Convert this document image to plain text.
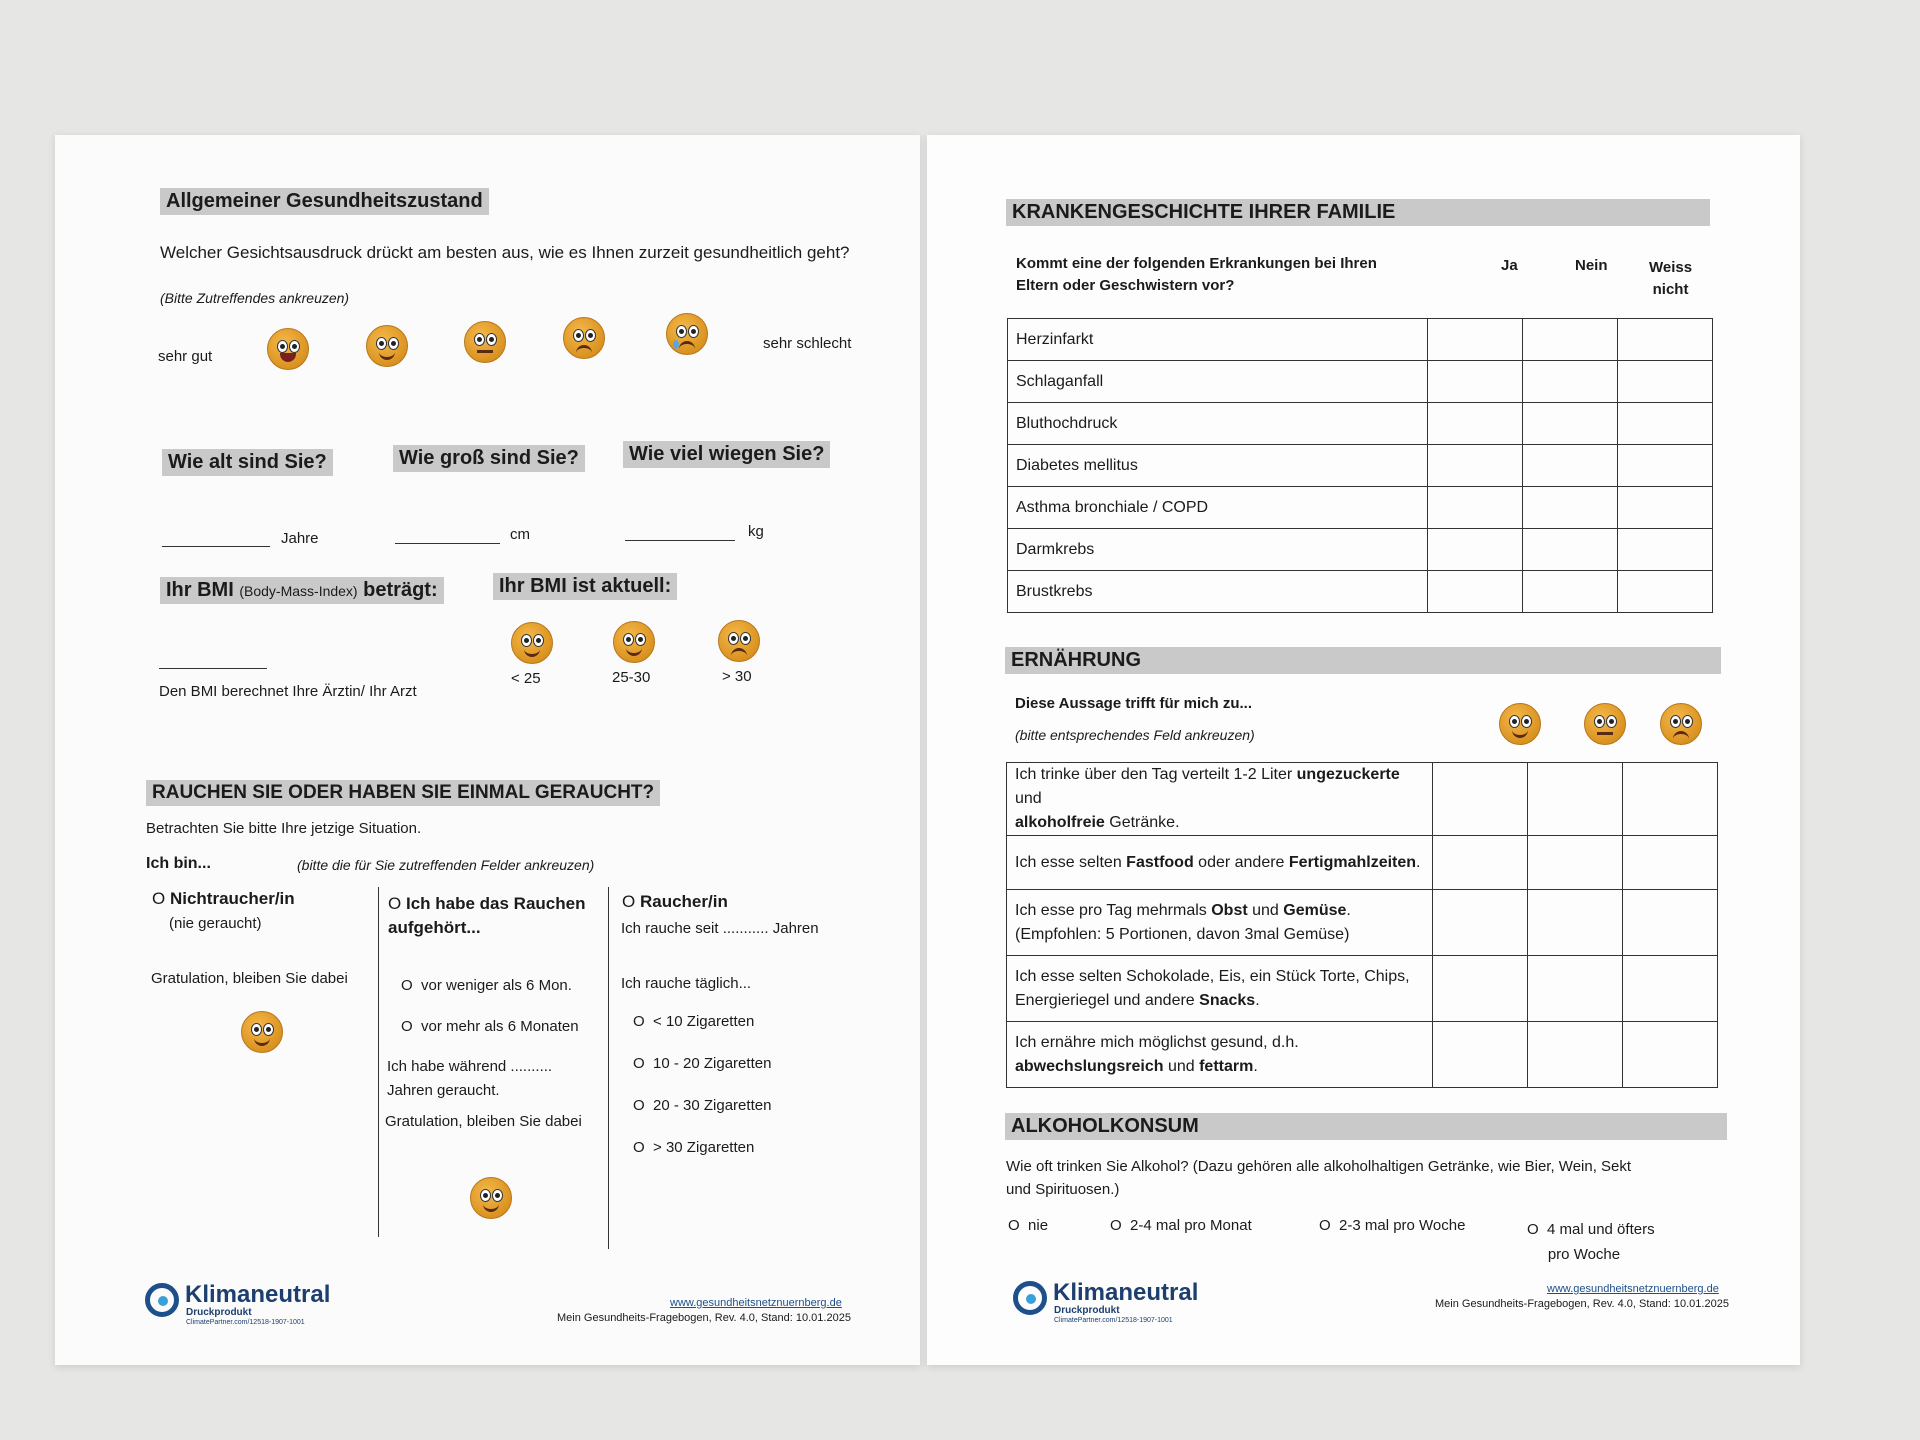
Allgemeiner Gesundheitszustand
Welcher Gesichtsausdruck drückt am besten aus, wie es Ihnen zurzeit gesundheitlich geht?
(Bitte Zutreffendes ankreuzen)
sehr gut
sehr schlecht
Wie alt sind Sie?	Wie groß sind Sie?	Wie viel wiegen Sie?
Jahre	cm	kg
Ihr BMI (Body-Mass-Index) beträgt:
Den BMI berechnet Ihre Ärztin/ Ihr Arzt
Ihr BMI ist aktuell:
< 25	25-30	> 30
RAUCHEN SIE ODER HABEN SIE EINMAL GERAUCHT?
Betrachten Sie bitte Ihre jetzige Situation.
Ich bin...	(bitte die für Sie zutreffenden Felder ankreuzen)
O Nichtraucher/in
(nie geraucht)
Gratulation, bleiben Sie dabei
O Ich habe das Rauchen
aufgehört...
O vor weniger als 6 Mon.
O vor mehr als 6 Monaten
Ich habe während ..........
Jahren geraucht.
Gratulation, bleiben Sie dabei
O Raucher/in
Ich rauche seit ........... Jahren
Ich rauche täglich...
O < 10 Zigaretten
O 10 - 20 Zigaretten
O 20 - 30 Zigaretten
O > 30 Zigaretten
Klimaneutral
Druckprodukt
ClimatePartner.com/12518-1907-1001
www.gesundheitsnetznuernberg.de
Mein Gesundheits-Fragebogen, Rev. 4.0, Stand: 10.01.2025
KRANKENGESCHICHTE IHRER FAMILIE
Kommt eine der folgenden Erkrankungen bei Ihren
Eltern oder Geschwistern vor?
Ja	Nein	Weiss
nicht
Herzinfarkt			
Schlaganfall			
Bluthochdruck			
Diabetes mellitus			
Asthma bronchiale / COPD			
Darmkrebs			
Brustkrebs			
ERNÄHRUNG
Diese Aussage trifft für mich zu...
(bitte entsprechendes Feld ankreuzen)
Ich trinke über den Tag verteilt 1-2 Liter ungezuckerte und
alkoholfreie Getränke.			
Ich esse selten Fastfood oder andere Fertigmahlzeiten.			
Ich esse pro Tag mehrmals Obst und Gemüse.
(Empfohlen: 5 Portionen, davon 3mal Gemüse)			
Ich esse selten Schokolade, Eis, ein Stück Torte, Chips,
Energieriegel und andere Snacks.			
Ich ernähre mich möglichst gesund, d.h.
abwechslungsreich und fettarm.			
ALKOHOLKONSUM
Wie oft trinken Sie Alkohol? (Dazu gehören alle alkoholhaltigen Getränke, wie Bier, Wein, Sekt
und Spirituosen.)
O  nie	O  2-4 mal pro Monat	O  2-3 mal pro Woche	O  4 mal und öfters
pro Woche
Klimaneutral
Druckprodukt
ClimatePartner.com/12518-1907-1001
www.gesundheitsnetznuernberg.de
Mein Gesundheits-Fragebogen, Rev. 4.0, Stand: 10.01.2025
